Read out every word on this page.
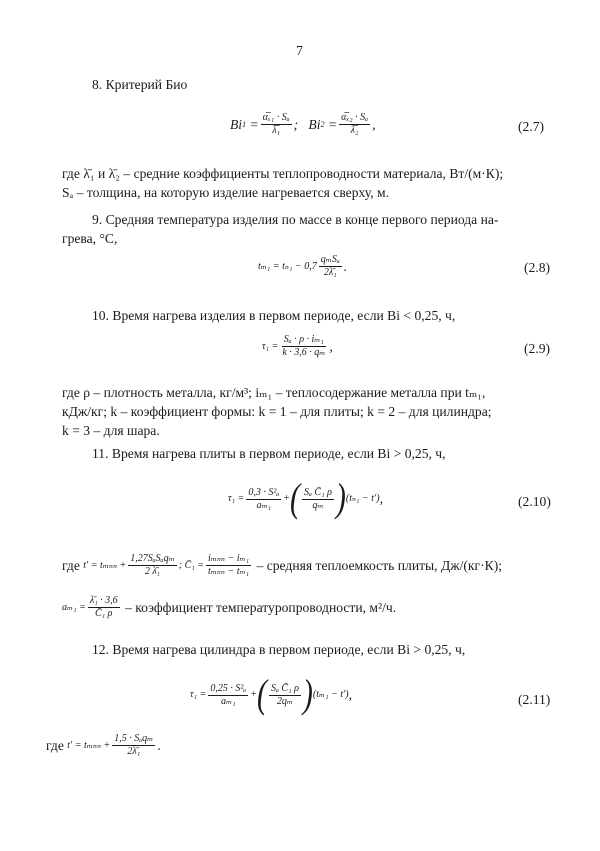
7
8. Критерий Био
Bi $1 = \frac{\text{α̅ₓ₁ · Sₐ}}{\text{λ̅₁}}$ ; Bi $2 = \frac{\text{α̅ₓ₂ · Sₐ}}{\text{λ̅₂}}$ ,	(2.7)
где λ̄₁ и λ̄₂ – средние коэффициенты теплопроводности материала, Вт/(м·К);
Sₐ – толщина, на которую изделие нагревается сверху, м.
9. Средняя температура изделия по массе в конце первого периода на-
грева, °С,
$t_{m1} = t_{n1} - 0,7 \frac{\text{qₘSₐ}}{\text{2λ̄₁}}$ .	(2.8)
10. Время нагрева изделия в первом периоде, если Bi < 0,25, ч,
$\tau_1 = \frac{\text{Sₐ · ρ · iₘ₁}}{\text{k · 3,6 · qₘ}}$ ,	(2.9)
где ρ – плотность металла, кг/м³; iₘ₁ – теплосодержание металла при tₘ₁,
кДж/кг; k – коэффициент формы: k = 1 – для плиты; k = 2 – для цилиндра;
k = 3 – для шара.
11. Время нагрева плиты в первом периоде, если Bi > 0,25, ч,
$\tau_1 = \frac{\text{0,3 · S²ₐ}}{\text{aₘ₁}}$ + ( $\frac{\text{Sₐ C̄₁ ρ}}{\text{qₘ}}$ ) (tₙ₁ − t′) ,	(2.10)
где
$t' = t_{mnn} + \frac{\text{1,27SₐSₐqₘ}}{\text{2 λ̄₁}}$ ; C̄₁ = $\frac{\text{iₘₙₙ − iₘ₁}}{\text{tₘₙₙ − tₘ₁}}$
– средняя теплоемкость плиты, Дж/(кг·К);
$a_{m1} = \frac{\text{λ̄₁ · 3,6}}{\text{C̄₁ ρ}}$
– коэффициент температуропроводности, м²/ч.
12. Время нагрева цилиндра в первом периоде, если Bi > 0,25, ч,
$\tau_1 = \frac{\text{0,25 · S²ₐ}}{\text{aₘ₁}}$ + ( $\frac{\text{Sₐ C̄₁ ρ}}{\text{2qₘ}}$ ) (tₘ₁ − t′) ,	(2.11)
где
$t' = t_{mnn} + \frac{\text{1,5 · Sₐqₘ}}{\text{2λ̄₁}}$ .
